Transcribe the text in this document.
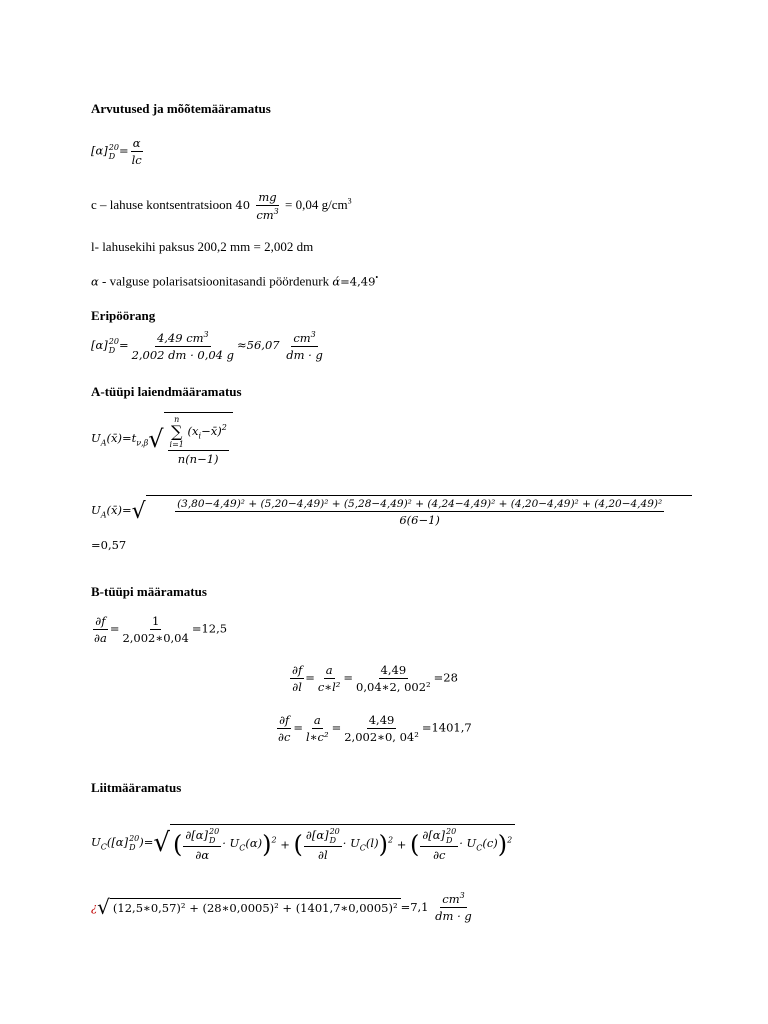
Arvutused ja mõõtemääramatus
[α] 20
$D = \frac{\alpha}{lc}$
c – lahuse kontsentratsioon $40 \frac{mg}{cm^3} = 0,04$ $g/cm^3$
l- lahusekihi paksus 200,2 mm = 2,002 dm
α - valguse polarisatsioonitasandi pöördenurk ά=4,49•
Eripöörang
[α] 20
$D = \frac{4,49 cm^3}{2,002 dm \cdot 0,04 g} \approx 56,07 \frac{cm^3}{dm \cdot g}$
A-tüüpi laiendmääramatus
$U_A(x̄)=t_{\nu,\beta}√$ n
∑
i=1
$(x_i-x̄)^2$
n(n−1)
$U_A(x̄)=√$	(3,80−4,49)² + (5,20−4,49)² + (5,28−4,49)² + (4,24−4,49)² + (4,20−4,49)² + (4,20−4,49)²
6(6−1)
=0,57
B-tüüpi määramatus
$\frac{\partial f}{\partial a} = \frac{1}{2,002∗0,04} =12,5$
$\frac{\partial f}{\partial l} = \frac{a}{\text{c∗l²}} = \frac{4,49}{\text{0,04∗2, 002²}} =28$
$\frac{\partial f}{\partial c} = \frac{a}{\text{l∗c²}} = \frac{4,49}{\text{2,002∗0, 04²}} =1401,7$
Liitmääramatus
$U_C([\alpha]$ 20
D )=√ ( ∂[α] 20
D
$\partial\alpha \cdot U_C(\alpha))^2$ + ( ∂[α] 20
D
$\partial l \cdot U_C(l))^2$ + ( ∂[α] 20
D
$\partial c \cdot U_C(c))^2$
¿√ (12,5∗0,57)² + (28∗0,0005)² + (1401,7∗0,0005)² $=7,1 \frac{cm^3}{dm \cdot g}$
